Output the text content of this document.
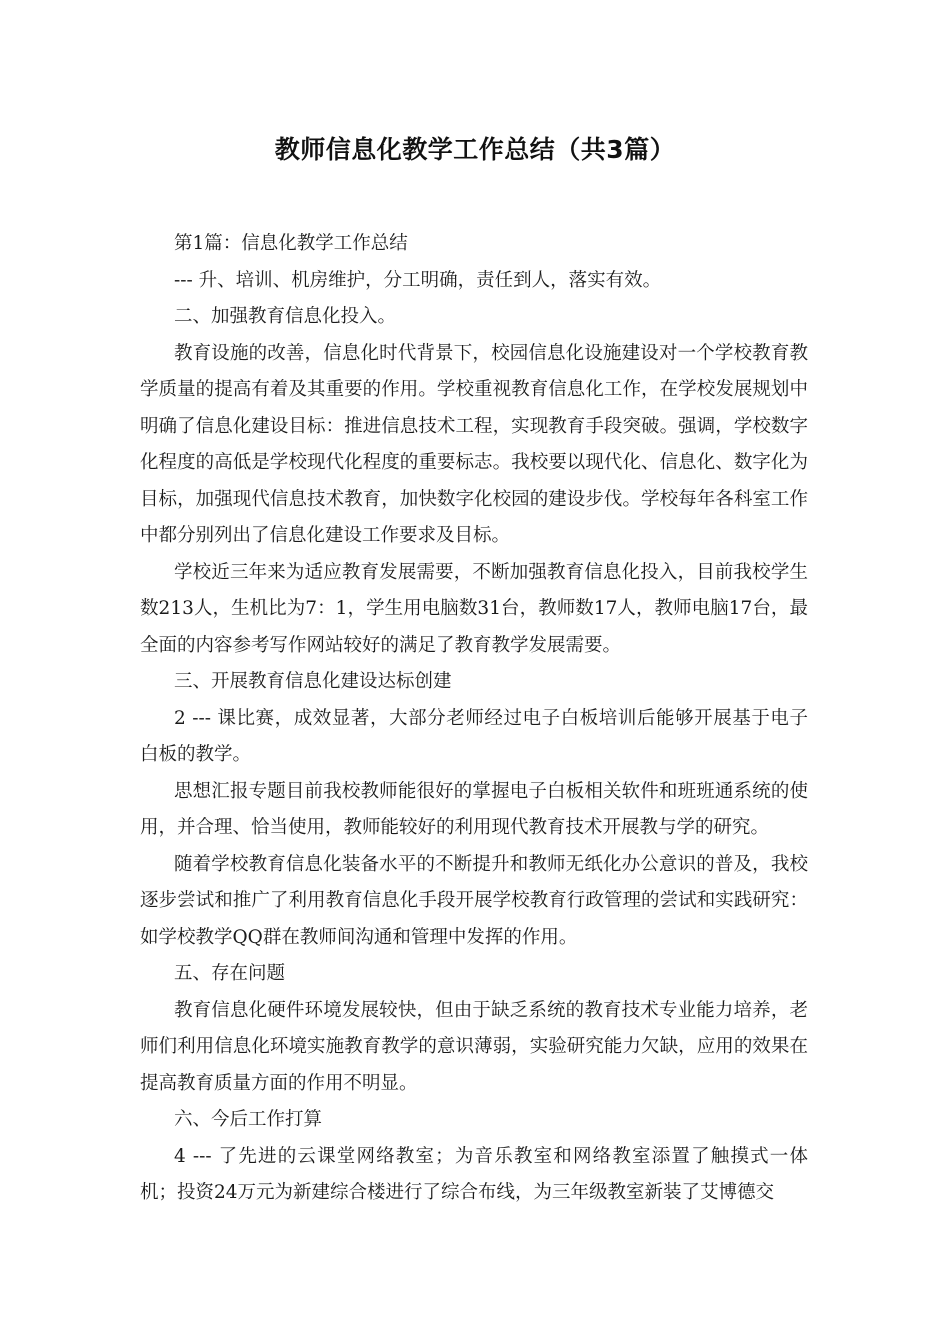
教师信息化教学工作总结（共3篇）

第1篇：信息化教学工作总结

--- 升、培训、机房维护，分工明确，责任到人，落实有效。

二、加强教育信息化投入。

教育设施的改善，信息化时代背景下，校园信息化设施建设对一个学校教育教学质量的提高有着及其重要的作用。学校重视教育信息化工作，在学校发展规划中明确了信息化建设目标：推进信息技术工程，实现教育手段突破。强调，学校数字化程度的高低是学校现代化程度的重要标志。我校要以现代化、信息化、数字化为目标，加强现代信息技术教育，加快数字化校园的建设步伐。学校每年各科室工作中都分别列出了信息化建设工作要求及目标。

学校近三年来为适应教育发展需要，不断加强教育信息化投入，目前我校学生数213人，生机比为7：1，学生用电脑数31台，教师数17人，教师电脑17台，最全面的内容参考写作网站较好的满足了教育教学发展需要。

三、开展教育信息化建设达标创建

2 --- 课比赛，成效显著，大部分老师经过电子白板培训后能够开展基于电子白板的教学。

思想汇报专题目前我校教师能很好的掌握电子白板相关软件和班班通系统的使用，并合理、恰当使用，教师能较好的利用现代教育技术开展教与学的研究。

随着学校教育信息化装备水平的不断提升和教师无纸化办公意识的普及，我校逐步尝试和推广了利用教育信息化手段开展学校教育行政管理的尝试和实践研究：如学校教学QQ群在教师间沟通和管理中发挥的作用。

五、存在问题

教育信息化硬件环境发展较快，但由于缺乏系统的教育技术专业能力培养，老师们利用信息化环境实施教育教学的意识薄弱，实验研究能力欠缺，应用的效果在提高教育质量方面的作用不明显。

六、今后工作打算

4 --- 了先进的云课堂网络教室；为音乐教室和网络教室添置了触摸式一体机；投资24万元为新建综合楼进行了综合布线，为三年级教室新装了艾博德交
